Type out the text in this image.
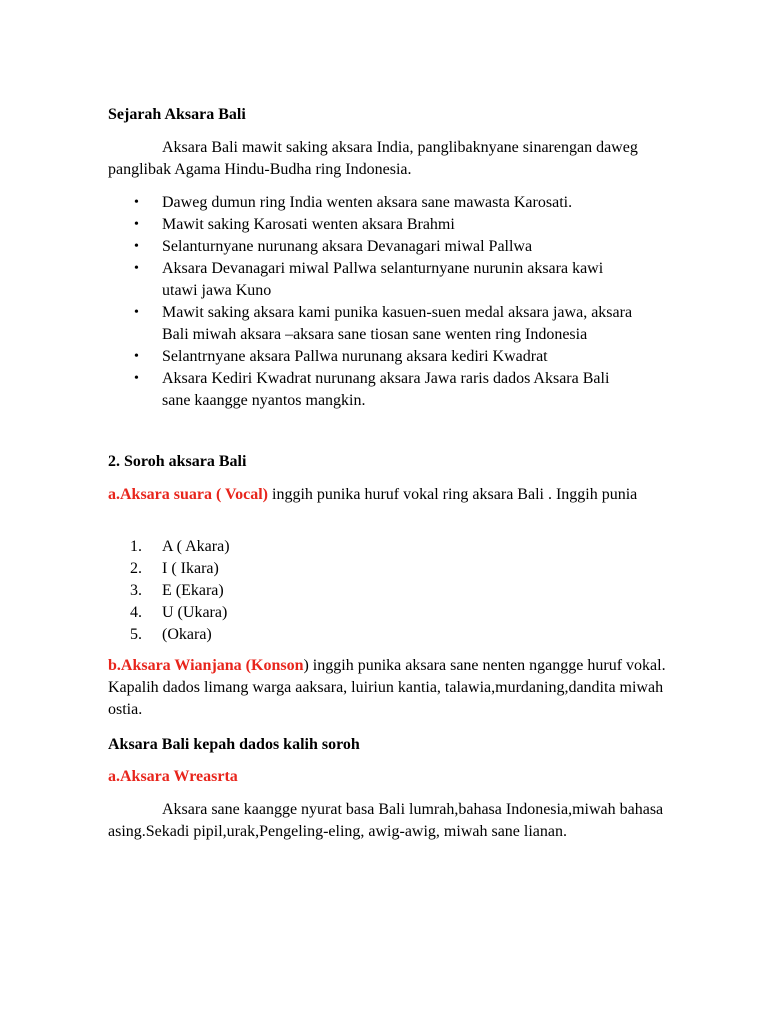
Sejarah Aksara Bali
Aksara Bali mawit saking aksara India, panglibaknyane sinarengan daweg panglibak Agama Hindu-Budha ring Indonesia.
• Daweg dumun ring India wenten aksara sane mawasta Karosati.
• Mawit saking Karosati wenten aksara Brahmi
• Selanturnyane nurunang aksara Devanagari miwal Pallwa
• Aksara Devanagari miwal Pallwa selanturnyane nurunin aksara kawi utawi jawa Kuno
• Mawit saking aksara kami punika kasuen-suen medal aksara jawa, aksara Bali miwah aksara –aksara sane tiosan sane wenten ring Indonesia
• Selantrnyane aksara Pallwa nurunang aksara kediri Kwadrat
• Aksara Kediri Kwadrat nurunang aksara Jawa raris dados Aksara Bali sane kaangge nyantos mangkin.
2. Soroh aksara Bali
a.Aksara suara ( Vocal) inggih punika huruf vokal ring aksara Bali . Inggih punia
1. A ( Akara)
2. I ( Ikara)
3. E (Ekara)
4. U (Ukara)
5. (Okara)
b.Aksara Wianjana (Konson) inggih punika aksara sane nenten ngangge huruf vokal. Kapalih dados limang warga aaksara, luiriun kantia, talawia,murdaning,dandita miwah ostia.
Aksara Bali kepah dados kalih soroh
a.Aksara Wreasrta
Aksara sane kaangge nyurat basa Bali lumrah,bahasa Indonesia,miwah bahasa asing.Sekadi pipil,urak,Pengeling-eling, awig-awig, miwah sane lianan.
